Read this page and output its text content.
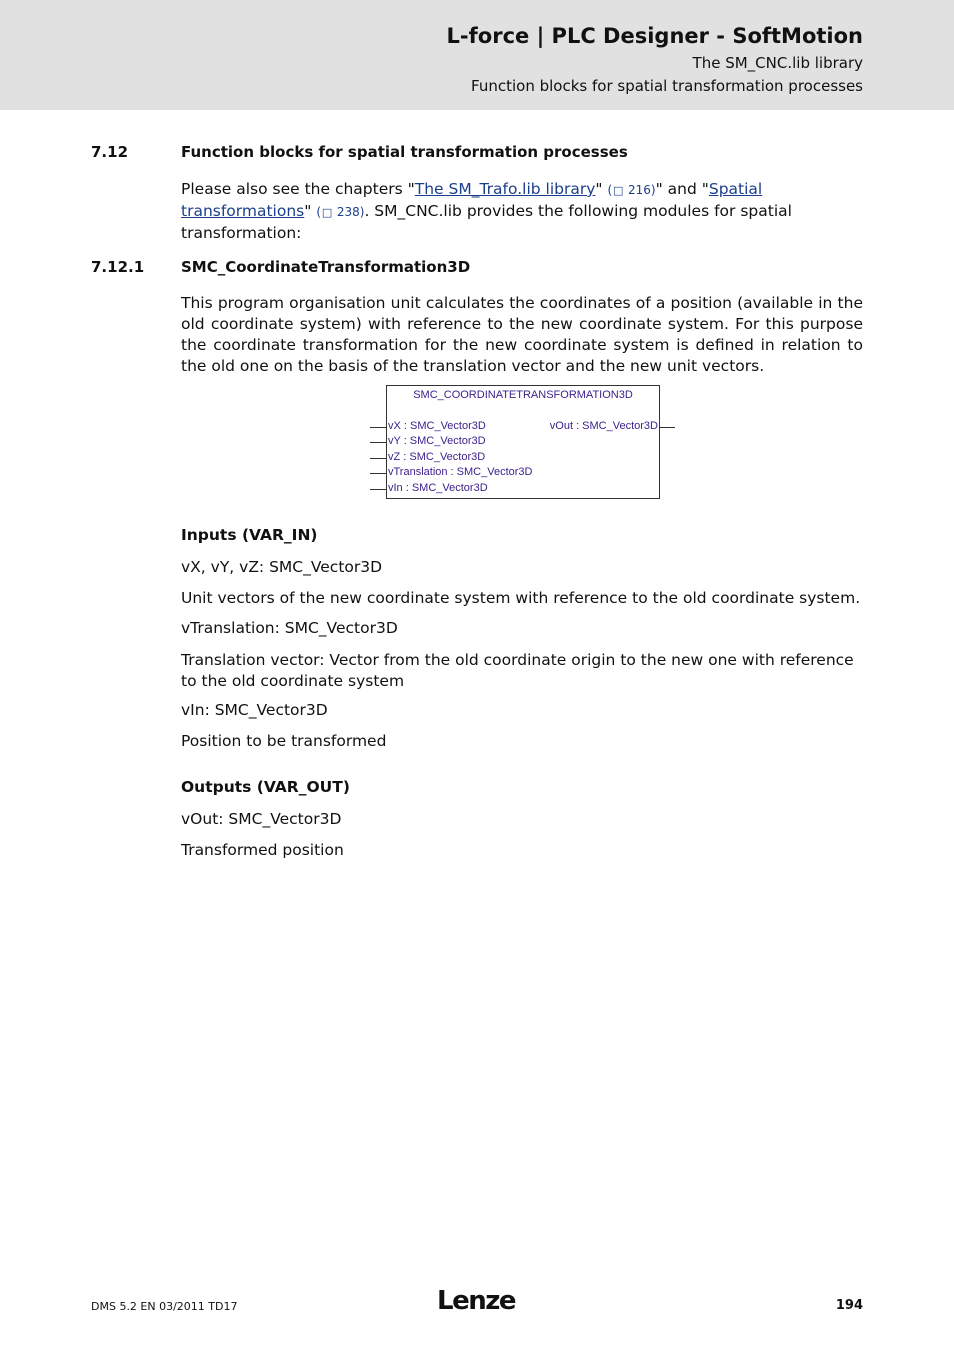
L-force | PLC Designer - SoftMotion
The SM_CNC.lib library
Function blocks for spatial transformation processes
7.12	Function blocks for spatial transformation processes
Please also see the chapters "The SM_Trafo.lib library" (□ 216)" and "Spatial transformations" (□ 238). SM_CNC.lib provides the following modules for spatial transformation:
7.12.1 SMC_CoordinateTransformation3D
This program organisation unit calculates the coordinates of a position (available in the old coordinate system) with reference to the new coordinate system. For this purpose the coordinate transformation for the new coordinate system is defined in relation to the old one on the basis of the translation vector and the new unit vectors.
SMC_COORDINATETRANSFORMATION3D
vX : SMC_Vector3D
vY : SMC_Vector3D
vZ : SMC_Vector3D
vTranslation : SMC_Vector3D
vIn : SMC_Vector3D
vOut : SMC_Vector3D
Inputs (VAR_IN)
vX, vY, vZ: SMC_Vector3D
Unit vectors of the new coordinate system with reference to the old coordinate system.
vTranslation: SMC_Vector3D
Translation vector: Vector from the old coordinate origin to the new one with reference to the old coordinate system
vIn: SMC_Vector3D
Position to be transformed
Outputs (VAR_OUT)
vOut: SMC_Vector3D
Transformed position
DMS 5.2 EN 03/2011 TD17	Lenze	194
